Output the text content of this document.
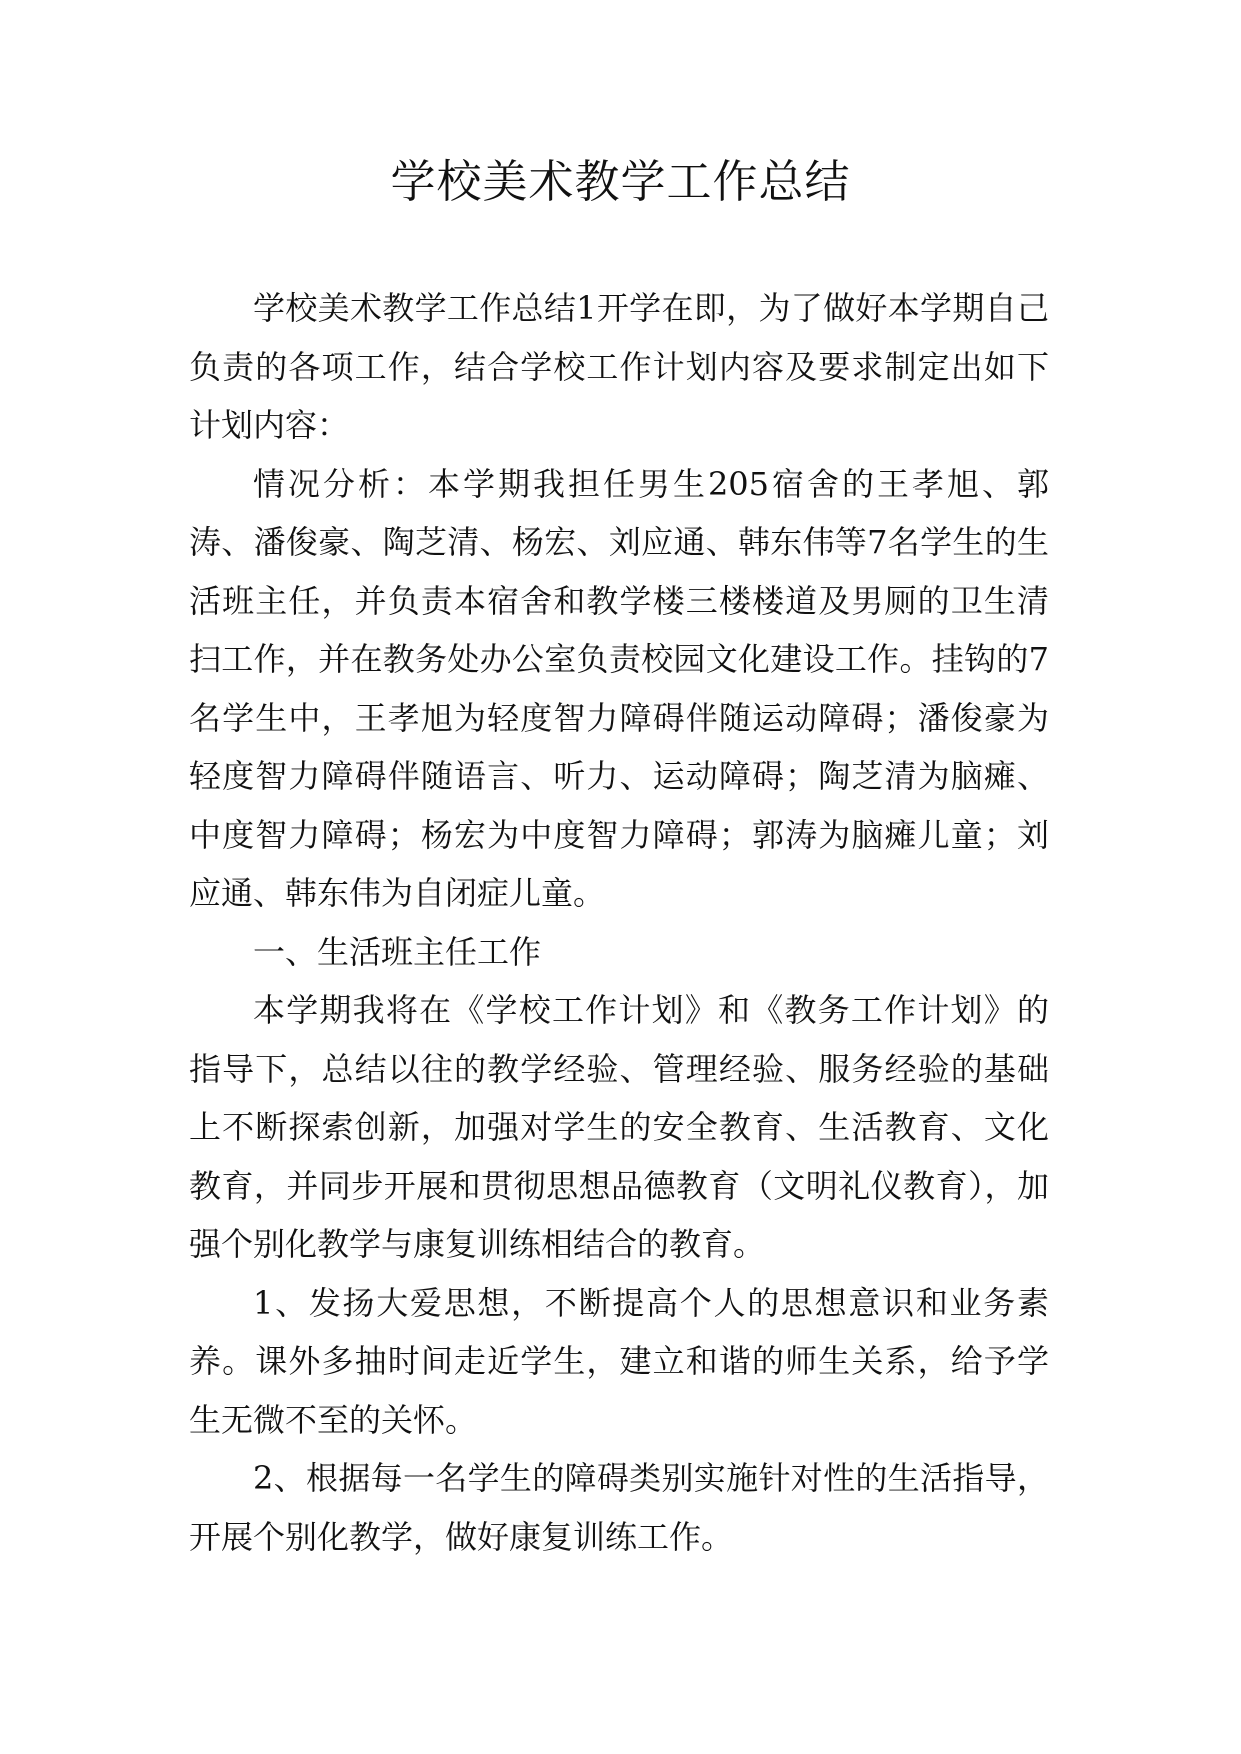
学校美术教学工作总结

学校美术教学工作总结1开学在即，为了做好本学期自己负责的各项工作，结合学校工作计划内容及要求制定出如下计划内容：

情况分析：本学期我担任男生205宿舍的王孝旭、郭涛、潘俊豪、陶芝清、杨宏、刘应通、韩东伟等7名学生的生活班主任，并负责本宿舍和教学楼三楼楼道及男厕的卫生清扫工作，并在教务处办公室负责校园文化建设工作。挂钩的7名学生中，王孝旭为轻度智力障碍伴随运动障碍；潘俊豪为轻度智力障碍伴随语言、听力、运动障碍；陶芝清为脑瘫、中度智力障碍；杨宏为中度智力障碍；郭涛为脑瘫儿童；刘应通、韩东伟为自闭症儿童。

一、生活班主任工作

本学期我将在《学校工作计划》和《教务工作计划》的指导下，总结以往的教学经验、管理经验、服务经验的基础上不断探索创新，加强对学生的安全教育、生活教育、文化教育，并同步开展和贯彻思想品德教育（文明礼仪教育），加强个别化教学与康复训练相结合的教育。

1、发扬大爱思想，不断提高个人的思想意识和业务素养。课外多抽时间走近学生，建立和谐的师生关系，给予学生无微不至的关怀。

2、根据每一名学生的障碍类别实施针对性的生活指导，开展个别化教学，做好康复训练工作。
